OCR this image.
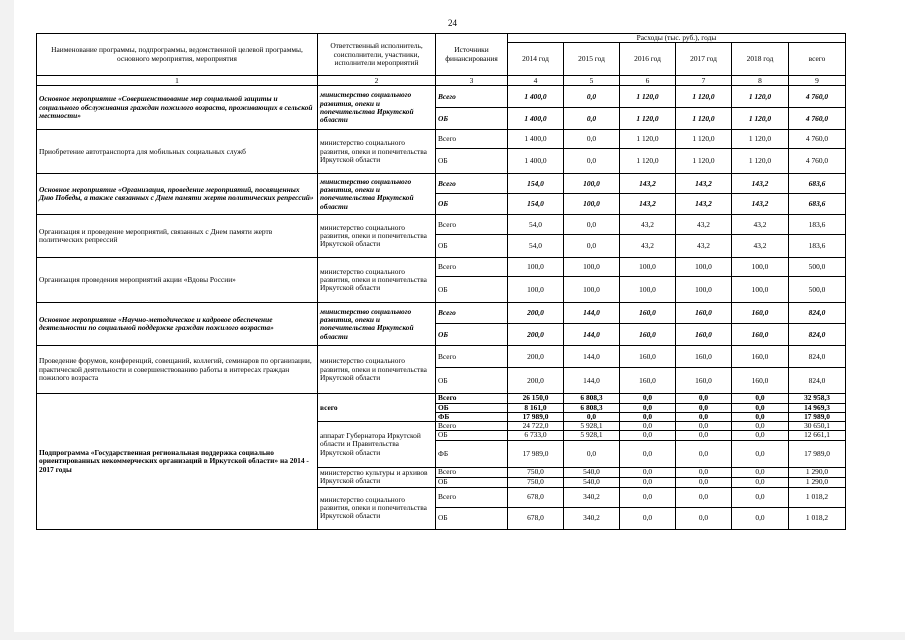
24
Наименование программы, подпрограммы, ведомственной целевой программы, основного мероприятия, мероприятия	Ответственный исполнитель, соисполнители, участники, исполнители мероприятий	Источники финансирования	Расходы (тыс. руб.), годы					
			2014 год	2015 год	2016 год	2017 год	2018 год	всего
1	2	3	4	5	6	7	8	9
Основное мероприятие «Совершенствование мер социальной защиты и социального обслуживания граждан пожилого возраста, проживающих в сельской местности»	министерство социального развития, опеки и попечительства Иркутской области	Всего	1 400,0	0,0	1 120,0	1 120,0	1 120,0	4 760,0
		ОБ	1 400,0	0,0	1 120,0	1 120,0	1 120,0	4 760,0
Приобретение автотранспорта для мобильных социальных служб	министерство социального развития, опеки и попечительства Иркутской области	Всего	1 400,0	0,0	1 120,0	1 120,0	1 120,0	4 760,0
		ОБ	1 400,0	0,0	1 120,0	1 120,0	1 120,0	4 760,0
Основное мероприятие «Организация, проведение мероприятий, посвященных Дню Победы, а также связанных с Днем памяти жертв политических репрессий»	министерство социального развития, опеки и попечительства Иркутской области	Всего	154,0	100,0	143,2	143,2	143,2	683,6
		ОБ	154,0	100,0	143,2	143,2	143,2	683,6
Организация и проведение мероприятий, связанных с Днем памяти жертв политических репрессий	министерство социального развития, опеки и попечительства Иркутской области	Всего	54,0	0,0	43,2	43,2	43,2	183,6
		ОБ	54,0	0,0	43,2	43,2	43,2	183,6
Организация проведения мероприятий акции «Вдовы России»	министерство социального развития, опеки и попечительства Иркутской области	Всего	100,0	100,0	100,0	100,0	100,0	500,0
		ОБ	100,0	100,0	100,0	100,0	100,0	500,0
Основное мероприятие «Научно-методическое и кадровое обеспечение деятельности по социальной поддержке граждан пожилого возраста»	министерство социального развития, опеки и попечительства Иркутской области	Всего	200,0	144,0	160,0	160,0	160,0	824,0
		ОБ	200,0	144,0	160,0	160,0	160,0	824,0
Проведение форумов, конференций, совещаний, коллегий, семинаров по организации, практической деятельности и совершенствованию работы в интересах граждан пожилого возраста	министерство социального развития, опеки и попечительства Иркутской области	Всего	200,0	144,0	160,0	160,0	160,0	824,0
		ОБ	200,0	144,0	160,0	160,0	160,0	824,0
Подпрограмма «Государственная региональная поддержка социально ориентированных некоммерческих организаций в Иркутской области» на 2014 - 2017 годы	всего	Всего	26 150,0	6 808,3	0,0	0,0	0,0	32 958,3
		ОБ	8 161,0	6 808,3	0,0	0,0	0,0	14 969,3
		ФБ	17 989,0	0,0	0,0	0,0	0,0	17 989,0
	аппарат Губернатора Иркутской области и Правительства Иркутской области	Всего	24 722,0	5 928,1	0,0	0,0	0,0	30 650,1
		ОБ	6 733,0	5 928,1	0,0	0,0	0,0	12 661,1
		ФБ	17 989,0	0,0	0,0	0,0	0,0	17 989,0
	министерство культуры и архивов Иркутской области	Всего	750,0	540,0	0,0	0,0	0,0	1 290,0
		ОБ	750,0	540,0	0,0	0,0	0,0	1 290,0
	министерство социального развития, опеки и попечительства Иркутской области	Всего	678,0	340,2	0,0	0,0	0,0	1 018,2
		ОБ	678,0	340,2	0,0	0,0	0,0	1 018,2
